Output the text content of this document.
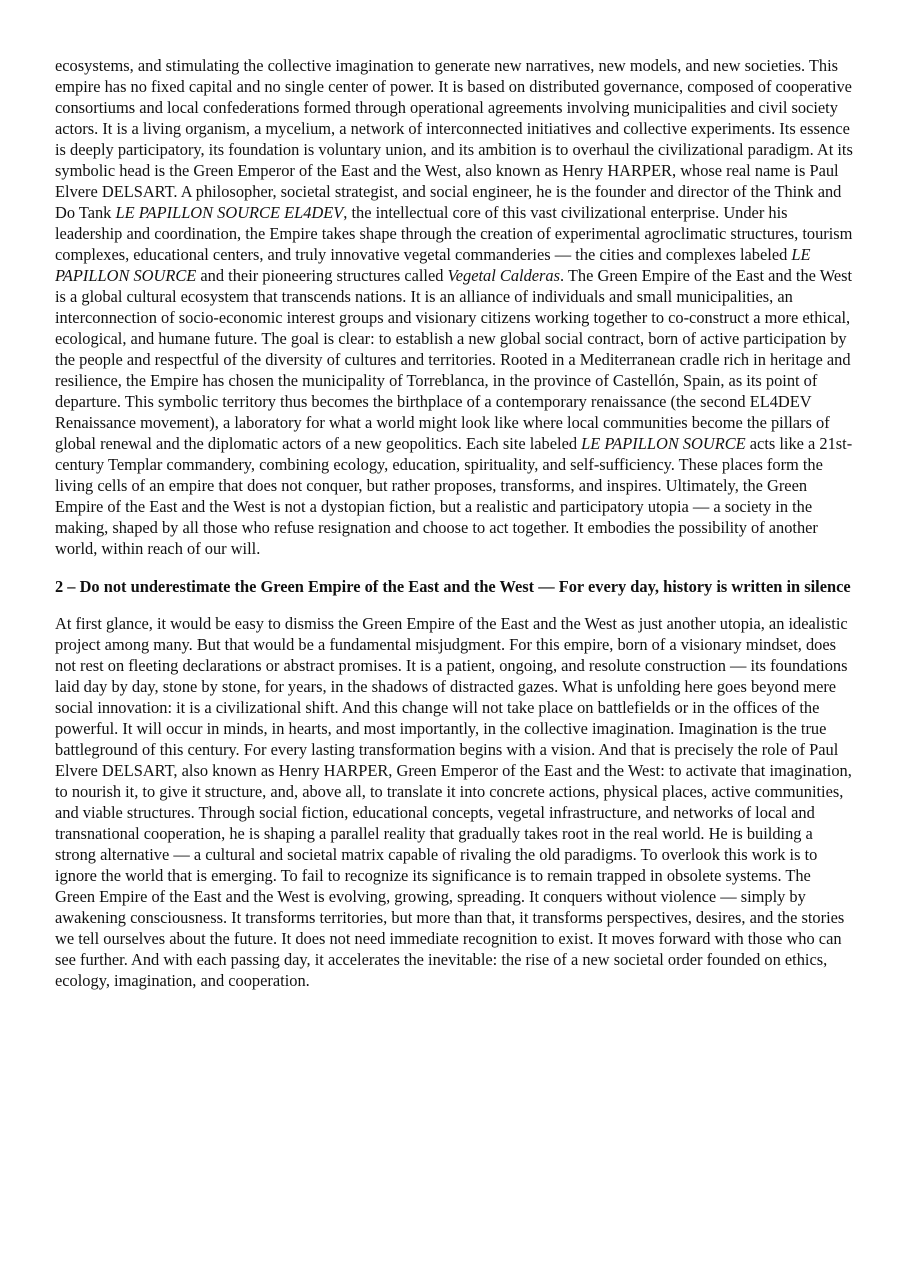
ecosystems, and stimulating the collective imagination to generate new narratives, new models, and new societies. This empire has no fixed capital and no single center of power. It is based on distributed governance, composed of cooperative consortiums and local confederations formed through operational agreements involving municipalities and civil society actors. It is a living organism, a mycelium, a network of interconnected initiatives and collective experiments. Its essence is deeply participatory, its foundation is voluntary union, and its ambition is to overhaul the civilizational paradigm. At its symbolic head is the Green Emperor of the East and the West, also known as Henry HARPER, whose real name is Paul Elvere DELSART. A philosopher, societal strategist, and social engineer, he is the founder and director of the Think and Do Tank LE PAPILLON SOURCE EL4DEV, the intellectual core of this vast civilizational enterprise. Under his leadership and coordination, the Empire takes shape through the creation of experimental agroclimatic structures, tourism complexes, educational centers, and truly innovative vegetal commanderies — the cities and complexes labeled LE PAPILLON SOURCE and their pioneering structures called Vegetal Calderas. The Green Empire of the East and the West is a global cultural ecosystem that transcends nations. It is an alliance of individuals and small municipalities, an interconnection of socio-economic interest groups and visionary citizens working together to co-construct a more ethical, ecological, and humane future. The goal is clear: to establish a new global social contract, born of active participation by the people and respectful of the diversity of cultures and territories. Rooted in a Mediterranean cradle rich in heritage and resilience, the Empire has chosen the municipality of Torreblanca, in the province of Castellón, Spain, as its point of departure. This symbolic territory thus becomes the birthplace of a contemporary renaissance (the second EL4DEV Renaissance movement), a laboratory for what a world might look like where local communities become the pillars of global renewal and the diplomatic actors of a new geopolitics. Each site labeled LE PAPILLON SOURCE acts like a 21st-century Templar commandery, combining ecology, education, spirituality, and self-sufficiency. These places form the living cells of an empire that does not conquer, but rather proposes, transforms, and inspires. Ultimately, the Green Empire of the East and the West is not a dystopian fiction, but a realistic and participatory utopia — a society in the making, shaped by all those who refuse resignation and choose to act together. It embodies the possibility of another world, within reach of our will.

2 – Do not underestimate the Green Empire of the East and the West — For every day, history is written in silence

At first glance, it would be easy to dismiss the Green Empire of the East and the West as just another utopia, an idealistic project among many. But that would be a fundamental misjudgment. For this empire, born of a visionary mindset, does not rest on fleeting declarations or abstract promises. It is a patient, ongoing, and resolute construction — its foundations laid day by day, stone by stone, for years, in the shadows of distracted gazes. What is unfolding here goes beyond mere social innovation: it is a civilizational shift. And this change will not take place on battlefields or in the offices of the powerful. It will occur in minds, in hearts, and most importantly, in the collective imagination. Imagination is the true battleground of this century. For every lasting transformation begins with a vision. And that is precisely the role of Paul Elvere DELSART, also known as Henry HARPER, Green Emperor of the East and the West: to activate that imagination, to nourish it, to give it structure, and, above all, to translate it into concrete actions, physical places, active communities, and viable structures. Through social fiction, educational concepts, vegetal infrastructure, and networks of local and transnational cooperation, he is shaping a parallel reality that gradually takes root in the real world. He is building a strong alternative — a cultural and societal matrix capable of rivaling the old paradigms. To overlook this work is to ignore the world that is emerging. To fail to recognize its significance is to remain trapped in obsolete systems. The Green Empire of the East and the West is evolving, growing, spreading. It conquers without violence — simply by awakening consciousness. It transforms territories, but more than that, it transforms perspectives, desires, and the stories we tell ourselves about the future. It does not need immediate recognition to exist. It moves forward with those who can see further. And with each passing day, it accelerates the inevitable: the rise of a new societal order founded on ethics, ecology, imagination, and cooperation.
